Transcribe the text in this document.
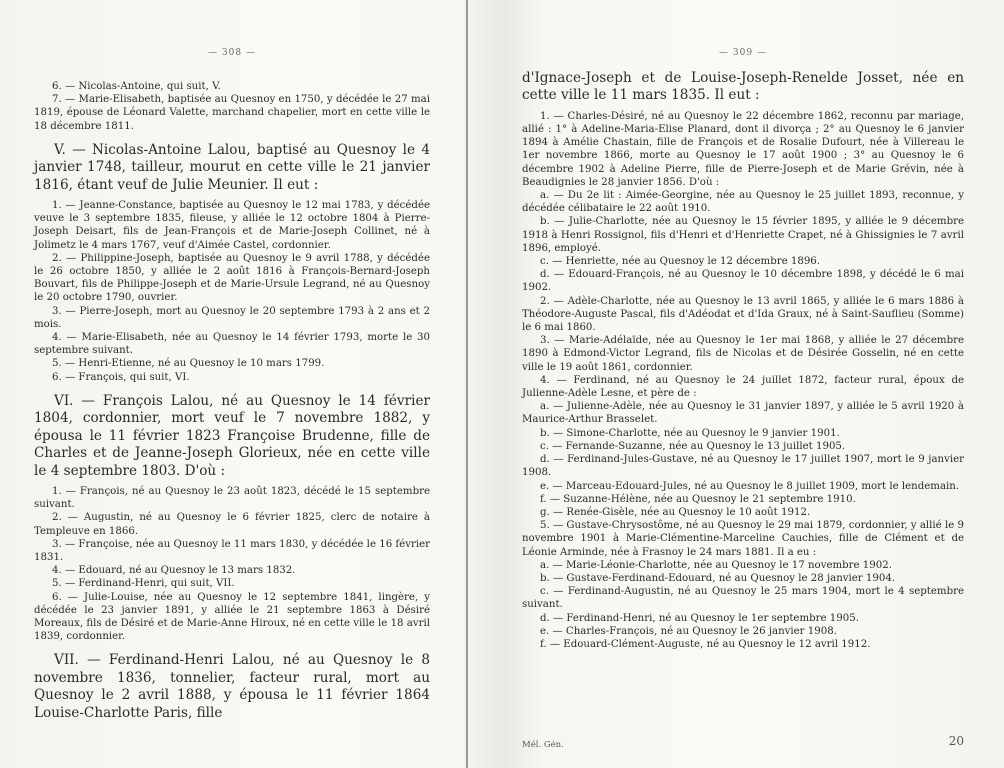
— 308 —

6. — Nicolas-Antoine, qui suit, V.

7. — Marie-Elisabeth, baptisée au Quesnoy en 1750, y décédée le 27 mai 1819, épouse de Léonard Valette, marchand chapelier, mort en cette ville le 18 décembre 1811.

V. — Nicolas-Antoine Lalou, baptisé au Quesnoy le 4 janvier 1748, tailleur, mourut en cette ville le 21 janvier 1816, étant veuf de Julie Meunier. Il eut :

1. — Jeanne-Constance, baptisée au Quesnoy le 12 mai 1783, y décédée veuve le 3 septembre 1835, fileuse, y alliée le 12 octobre 1804 à Pierre-Joseph Deisart, fils de Jean-François et de Marie-Joseph Collinet, né à Jolimetz le 4 mars 1767, veuf d'Aimée Castel, cordonnier.

2. — Philippine-Joseph, baptisée au Quesnoy le 9 avril 1788, y décédée le 26 octobre 1850, y alliée le 2 août 1816 à François-Bernard-Joseph Bouvart, fils de Philippe-Joseph et de Marie-Ursule Legrand, né au Quesnoy le 20 octobre 1790, ouvrier.

3. — Pierre-Joseph, mort au Quesnoy le 20 septembre 1793 à 2 ans et 2 mois.

4. — Marie-Elisabeth, née au Quesnoy le 14 février 1793, morte le 30 septembre suivant.

5. — Henri-Etienne, né au Quesnoy le 10 mars 1799.

6. — François, qui suit, VI.

VI. — François Lalou, né au Quesnoy le 14 février 1804, cordonnier, mort veuf le 7 novembre 1882, y épousa le 11 février 1823 Françoise Brudenne, fille de Charles et de Jeanne-Joseph Glorieux, née en cette ville le 4 septembre 1803. D'où :

1. — François, né au Quesnoy le 23 août 1823, décédé le 15 septembre suivant.

2. — Augustin, né au Quesnoy le 6 février 1825, clerc de notaire à Templeuve en 1866.

3. — Françoise, née au Quesnoy le 11 mars 1830, y décédée le 16 février 1831.

4. — Edouard, né au Quesnoy le 13 mars 1832.

5. — Ferdinand-Henri, qui suit, VII.

6. — Julie-Louise, née au Quesnoy le 12 septembre 1841, lingère, y décédée le 23 janvier 1891, y alliée le 21 septembre 1863 à Désiré Moreaux, fils de Désiré et de Marie-Anne Hiroux, né en cette ville le 18 avril 1839, cordonnier.

VII. — Ferdinand-Henri Lalou, né au Quesnoy le 8 novembre 1836, tonnelier, facteur rural, mort au Quesnoy le 2 avril 1888, y épousa le 11 février 1864 Louise-Charlotte Paris, fille

— 309 —

d'Ignace-Joseph et de Louise-Joseph-Renelde Josset, née en cette ville le 11 mars 1835. Il eut :

1. — Charles-Désiré, né au Quesnoy le 22 décembre 1862, reconnu par mariage, allié : 1° à Adeline-Maria-Elise Planard, dont il divorça ; 2° au Quesnoy le 6 janvier 1894 à Amélie Chastain, fille de François et de Rosalie Dufourt, née à Villereau le 1er novembre 1866, morte au Quesnoy le 17 août 1900 ; 3° au Quesnoy le 6 décembre 1902 à Adeline Pierre, fille de Pierre-Joseph et de Marie Grévin, née à Beaudignies le 28 janvier 1856. D'où :

a. — Du 2e lit : Aimée-Georgine, née au Quesnoy le 25 juillet 1893, reconnue, y décédée célibataire le 22 août 1910.

b. — Julie-Charlotte, née au Quesnoy le 15 février 1895, y alliée le 9 décembre 1918 à Henri Rossignol, fils d'Henri et d'Henriette Crapet, né à Ghissignies le 7 avril 1896, employé.

c. — Henriette, née au Quesnoy le 12 décembre 1896.

d. — Edouard-François, né au Quesnoy le 10 décembre 1898, y décédé le 6 mai 1902.

2. — Adèle-Charlotte, née au Quesnoy le 13 avril 1865, y alliée le 6 mars 1886 à Théodore-Auguste Pascal, fils d'Adéodat et d'Ida Graux, né à Saint-Sauflieu (Somme) le 6 mai 1860.

3. — Marie-Adélaïde, née au Quesnoy le 1er mai 1868, y alliée le 27 décembre 1890 à Edmond-Victor Legrand, fils de Nicolas et de Désirée Gosselin, né en cette ville le 19 août 1861, cordonnier.

4. — Ferdinand, né au Quesnoy le 24 juillet 1872, facteur rural, époux de Julienne-Adèle Lesne, et père de :

a. — Julienne-Adèle, née au Quesnoy le 31 janvier 1897, y alliée le 5 avril 1920 à Maurice-Arthur Brasselet.

b. — Simone-Charlotte, née au Quesnoy le 9 janvier 1901.

c. — Fernande-Suzanne, née au Quesnoy le 13 juillet 1905.

d. — Ferdinand-Jules-Gustave, né au Quesnoy le 17 juillet 1907, mort le 9 janvier 1908.

e. — Marceau-Edouard-Jules, né au Quesnoy le 8 juillet 1909, mort le lendemain.

f. — Suzanne-Hélène, née au Quesnoy le 21 septembre 1910.

g. — Renée-Gisèle, née au Quesnoy le 10 août 1912.

5. — Gustave-Chrysostôme, né au Quesnoy le 29 mai 1879, cordonnier, y allié le 9 novembre 1901 à Marie-Clémentine-Marceline Cauchies, fille de Clément et de Léonie Arminde, née à Frasnoy le 24 mars 1881. Il a eu :

a. — Marie-Léonie-Charlotte, née au Quesnoy le 17 novembre 1902.

b. — Gustave-Ferdinand-Edouard, né au Quesnoy le 28 janvier 1904.

c. — Ferdinand-Augustin, né au Quesnoy le 25 mars 1904, mort le 4 septembre suivant.

d. — Ferdinand-Henri, né au Quesnoy le 1er septembre 1905.

e. — Charles-François, né au Quesnoy le 26 janvier 1908.

f. — Edouard-Clément-Auguste, né au Quesnoy le 12 avril 1912.

Mél. Gén.	20
